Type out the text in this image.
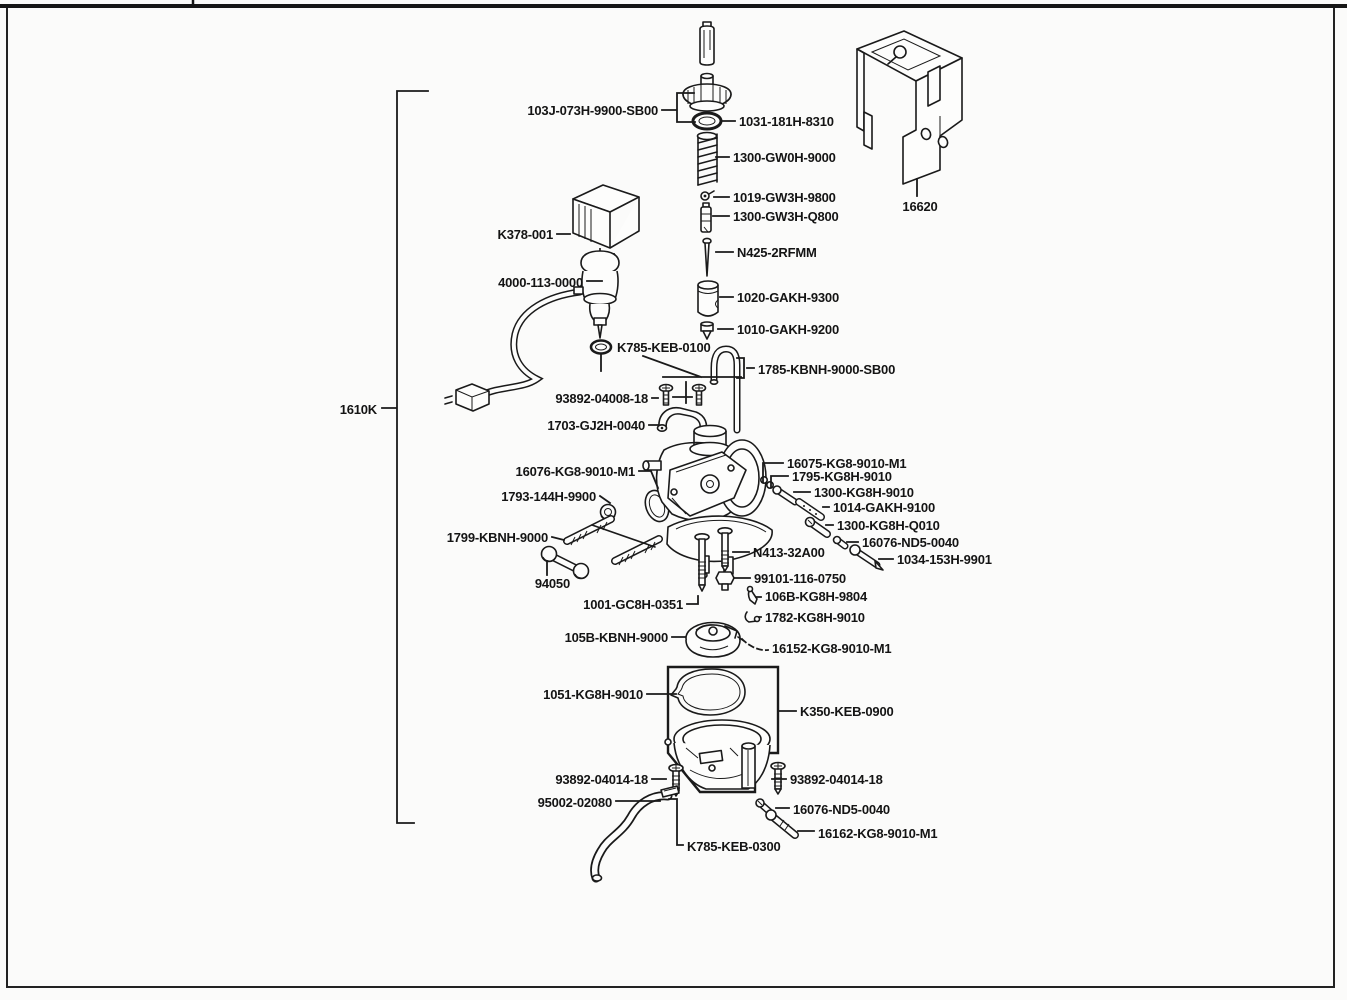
103J-073H-9900-SB00
1031-181H-8310
1300-GW0H-9000
1019-GW3H-9800
1300-GW3H-Q800
K378-001
N425-2RFMM
4000-113-0000
1020-GAKH-9300
1010-GAKH-9200
K785-KEB-0100
1785-KBNH-9000-SB00
93892-04008-18
1703-GJ2H-0040
16076-KG8-9010-M1
1793-144H-9900
1799-KBNH-9000
94050
16075-KG8-9010-M1
1795-KG8H-9010
1300-KG8H-9010
1014-GAKH-9100
1300-KG8H-Q010
16076-ND5-0040
1034-153H-9901
N413-32A00
99101-116-0750
1001-GC8H-0351
106B-KG8H-9804
1782-KG8H-9010
105B-KBNH-9000
16152-KG8-9010-M1
1051-KG8H-9010
K350-KEB-0900
93892-04014-18	93892-04014-18
95002-02080	16076-ND5-0040
16162-KG8-9010-M1
K785-KEB-0300
16620
1610K
